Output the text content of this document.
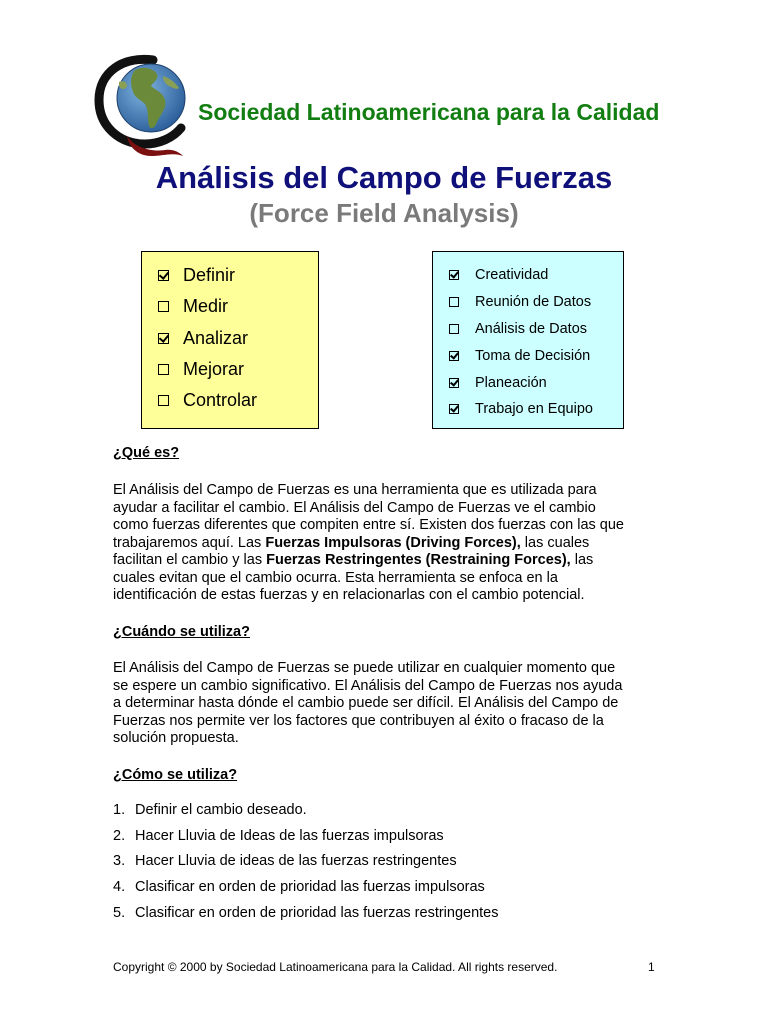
Sociedad Latinoamericana para la Calidad
Análisis del Campo de Fuerzas
(Force Field Analysis)
Definir
Medir
Analizar
Mejorar
Controlar
Creatividad
Reunión de Datos
Análisis de Datos
Toma de Decisión
Planeación
Trabajo en Equipo
¿Qué es?

El Análisis del Campo de Fuerzas es una herramienta que es utilizada para

ayudar a facilitar el cambio. El Análisis del Campo de Fuerzas ve el cambio

como fuerzas diferentes que compiten entre sí. Existen dos fuerzas con las que

trabajaremos aquí. Las Fuerzas Impulsoras (Driving Forces), las cuales

facilitan el cambio y las Fuerzas Restringentes (Restraining Forces), las

cuales evitan que el cambio ocurra. Esta herramienta se enfoca en la

identificación de estas fuerzas y en relacionarlas con el cambio potencial.

¿Cuándo se utiliza?

El Análisis del Campo de Fuerzas se puede utilizar en cualquier momento que

se espere un cambio significativo. El Análisis del Campo de Fuerzas nos ayuda

a determinar hasta dónde el cambio puede ser difícil. El Análisis del Campo de

Fuerzas nos permite ver los factores que contribuyen al éxito o fracaso de la

solución propuesta.

¿Cómo se utiliza?
1. Definir el cambio deseado.
2. Hacer Lluvia de Ideas de las fuerzas impulsoras
3. Hacer Lluvia de ideas de las fuerzas restringentes
4. Clasificar en orden de prioridad las fuerzas impulsoras
5. Clasificar en orden de prioridad las fuerzas restringentes
Copyright © 2000 by Sociedad Latinoamericana para la Calidad. All rights reserved.	1
